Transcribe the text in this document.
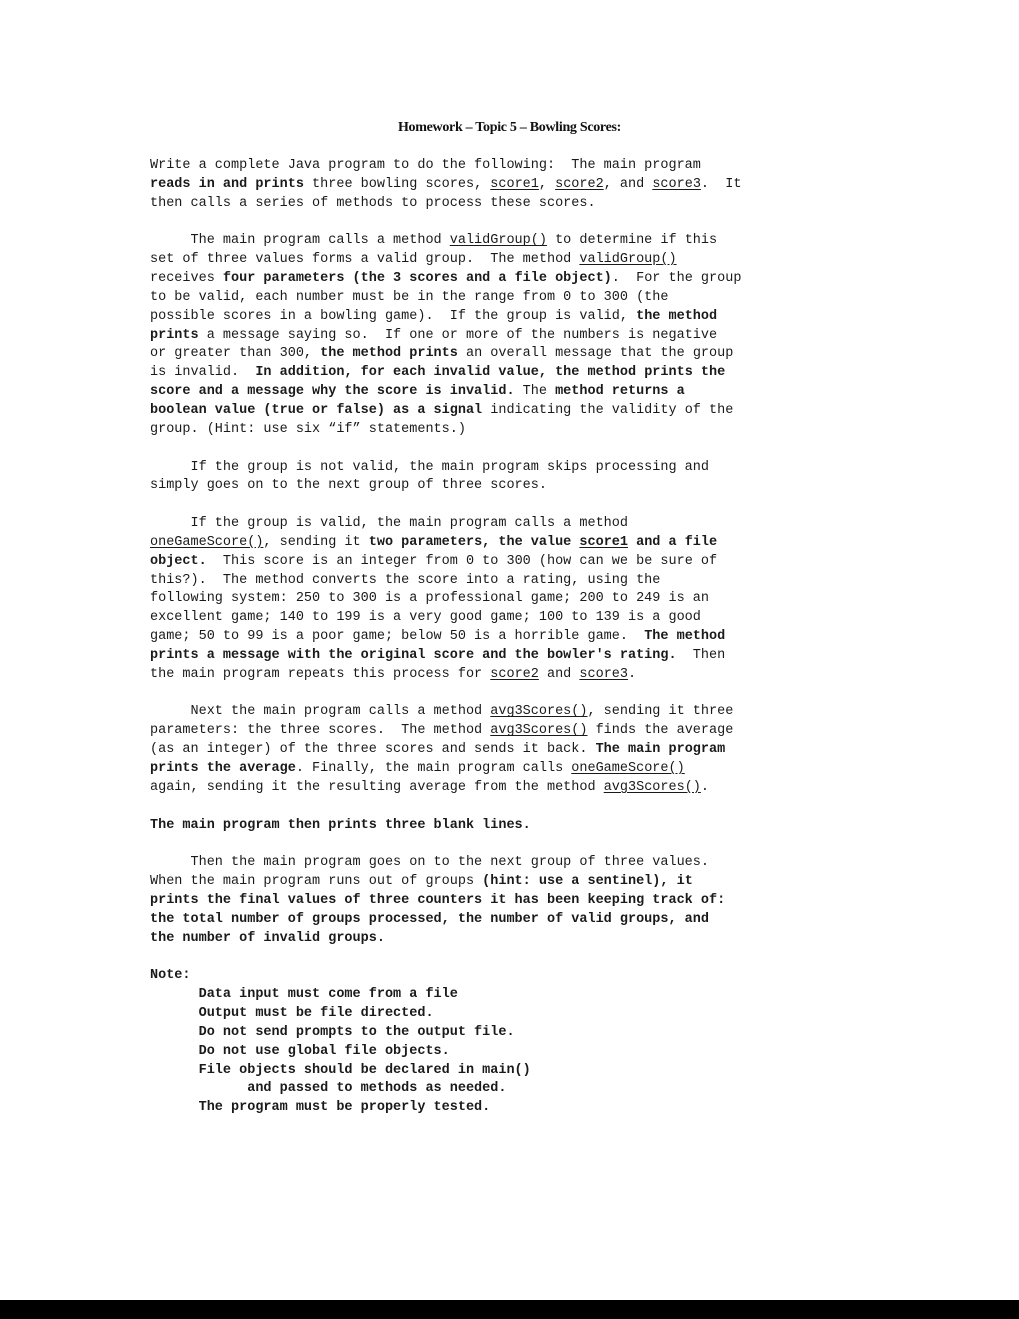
Homework – Topic 5 – Bowling Scores:
Write a complete Java program to do the following:  The main program
reads in and prints three bowling scores, score1, score2, and score3.  It
then calls a series of methods to process these scores.
The main program calls a method validGroup() to determine if this
set of three values forms a valid group.  The method validGroup()
receives four parameters (the 3 scores and a file object).  For the group
to be valid, each number must be in the range from 0 to 300 (the
possible scores in a bowling game).  If the group is valid, the method
prints a message saying so.  If one or more of the numbers is negative
or greater than 300, the method prints an overall message that the group
is invalid.  In addition, for each invalid value, the method prints the
score and a message why the score is invalid. The method returns a
boolean value (true or false) as a signal indicating the validity of the
group. (Hint: use six “if” statements.)
If the group is not valid, the main program skips processing and
simply goes on to the next group of three scores.
If the group is valid, the main program calls a method
oneGameScore(), sending it two parameters, the value score1 and a file
object.  This score is an integer from 0 to 300 (how can we be sure of
this?).  The method converts the score into a rating, using the
following system: 250 to 300 is a professional game; 200 to 249 is an
excellent game; 140 to 199 is a very good game; 100 to 139 is a good
game; 50 to 99 is a poor game; below 50 is a horrible game.  The method
prints a message with the original score and the bowler's rating.  Then
the main program repeats this process for score2 and score3.
Next the main program calls a method avg3Scores(), sending it three
parameters: the three scores.  The method avg3Scores() finds the average
(as an integer) of the three scores and sends it back. The main program
prints the average. Finally, the main program calls oneGameScore()
again, sending it the resulting average from the method avg3Scores().
The main program then prints three blank lines.
Then the main program goes on to the next group of three values.
When the main program runs out of groups (hint: use a sentinel), it
prints the final values of three counters it has been keeping track of:
the total number of groups processed, the number of valid groups, and
the number of invalid groups.
Note:
Data input must come from a file
Output must be file directed.
Do not send prompts to the output file.
Do not use global file objects.
File objects should be declared in main()
and passed to methods as needed.
The program must be properly tested.
